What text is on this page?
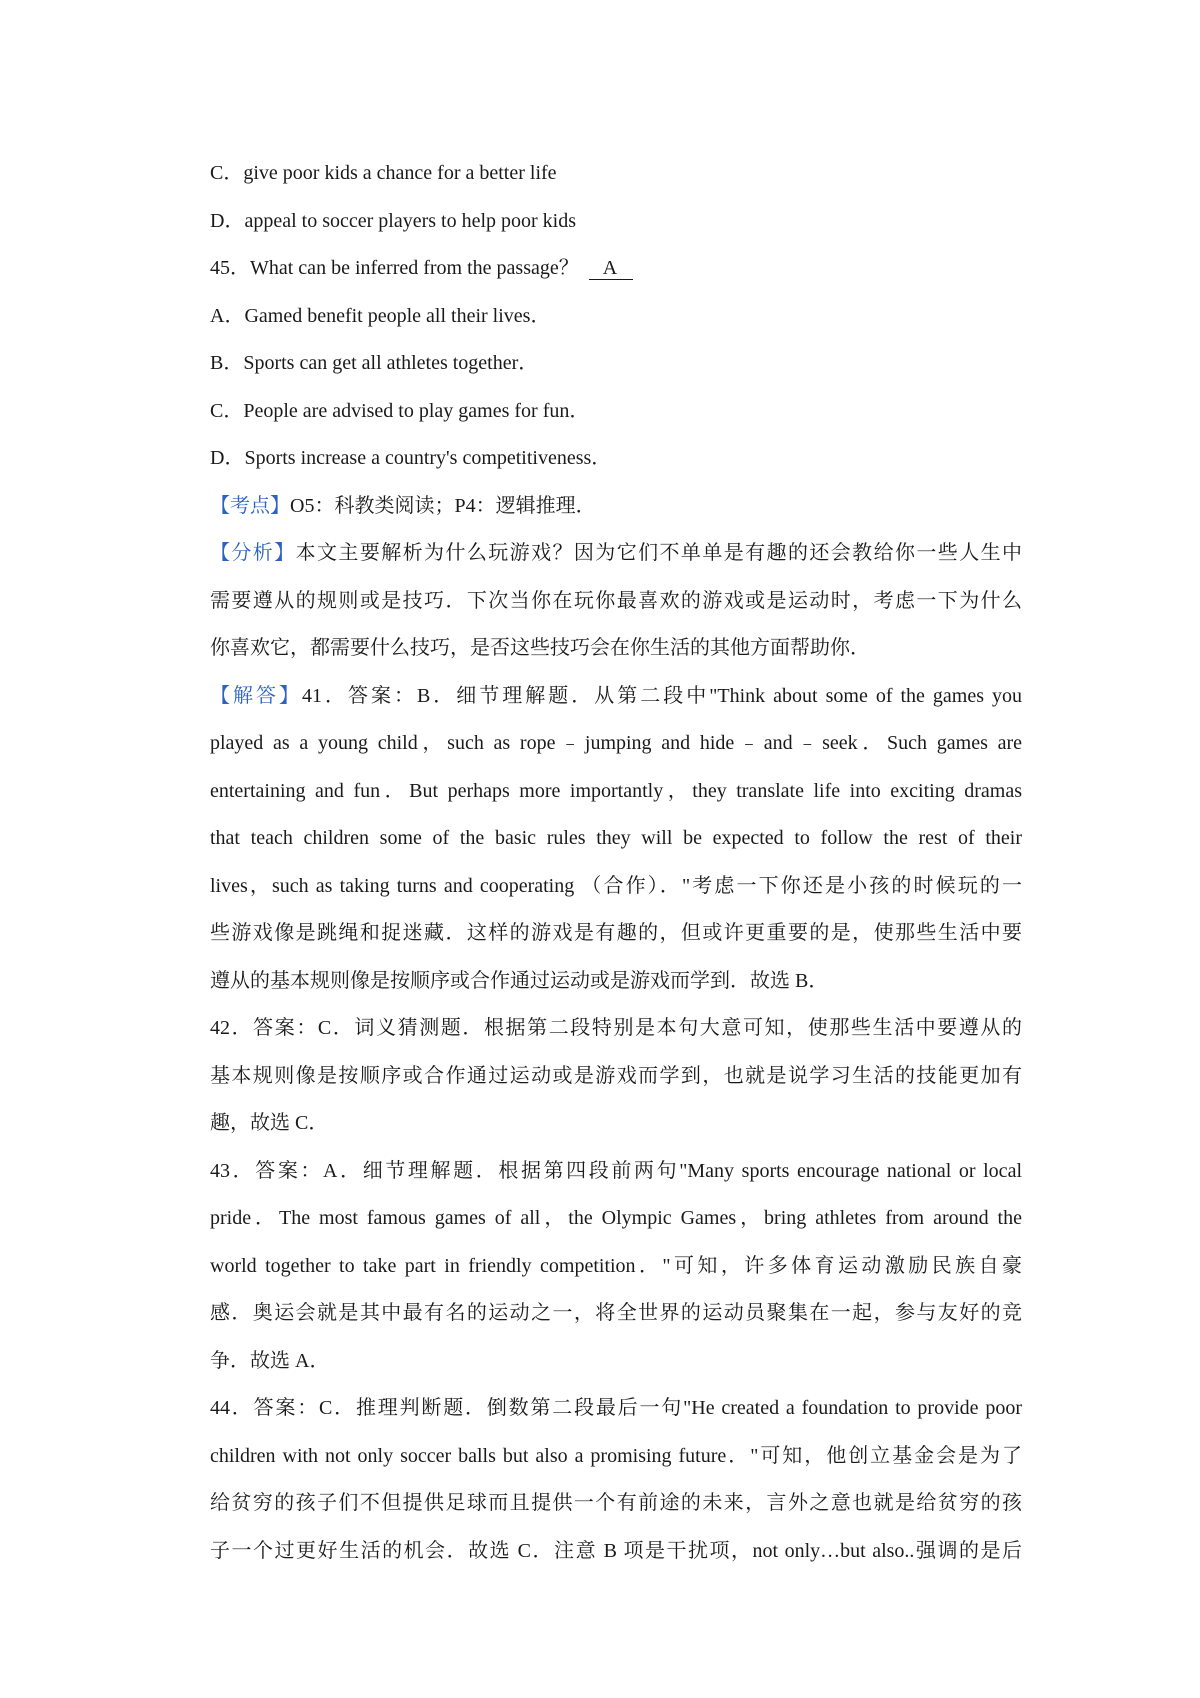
C．give poor kids a chance for a better life
D．appeal to soccer players to help poor kids
45．What can be inferred from the passage？ A
A．Gamed benefit people all their lives．
B．Sports can get all athletes together．
C．People are advised to play games for fun．
D．Sports increase a country's competitiveness．
【考点】O5：科教类阅读；P4：逻辑推理．
【分析】本文主要解析为什么玩游戏？因为它们不单单是有趣的还会教给你一些人生中
需要遵从的规则或是技巧．下次当你在玩你最喜欢的游戏或是运动时，考虑一下为什么
你喜欢它，都需要什么技巧，是否这些技巧会在你生活的其他方面帮助你．
【解答】41．答案：B．细节理解题．从第二段中"Think about some of the games you
played as a young child，such as rope﹣jumping and hide﹣and﹣seek．Such games are
entertaining and fun．But perhaps more importantly，they translate life into exciting dramas
that teach children some of the basic rules they will be expected to follow the rest of their
lives，such as taking turns and cooperating （合作）．"考虑一下你还是小孩的时候玩的一
些游戏像是跳绳和捉迷藏．这样的游戏是有趣的，但或许更重要的是，使那些生活中要
遵从的基本规则像是按顺序或合作通过运动或是游戏而学到．故选 B．
42．答案：C．词义猜测题．根据第二段特别是本句大意可知，使那些生活中要遵从的
基本规则像是按顺序或合作通过运动或是游戏而学到，也就是说学习生活的技能更加有
趣，故选 C．
43．答案：A．细节理解题．根据第四段前两句"Many sports encourage national or local
pride．The most famous games of all，the Olympic Games，bring athletes from around the
world together to take part in friendly competition．"可知，许多体育运动激励民族自豪
感．奥运会就是其中最有名的运动之一，将全世界的运动员聚集在一起，参与友好的竞
争．故选 A．
44．答案：C．推理判断题．倒数第二段最后一句"He created a foundation to provide poor
children with not only soccer balls but also a promising future．"可知，他创立基金会是为了
给贫穷的孩子们不但提供足球而且提供一个有前途的未来，言外之意也就是给贫穷的孩
子一个过更好生活的机会．故选 C．注意 B 项是干扰项，not only…but also..强调的是后
